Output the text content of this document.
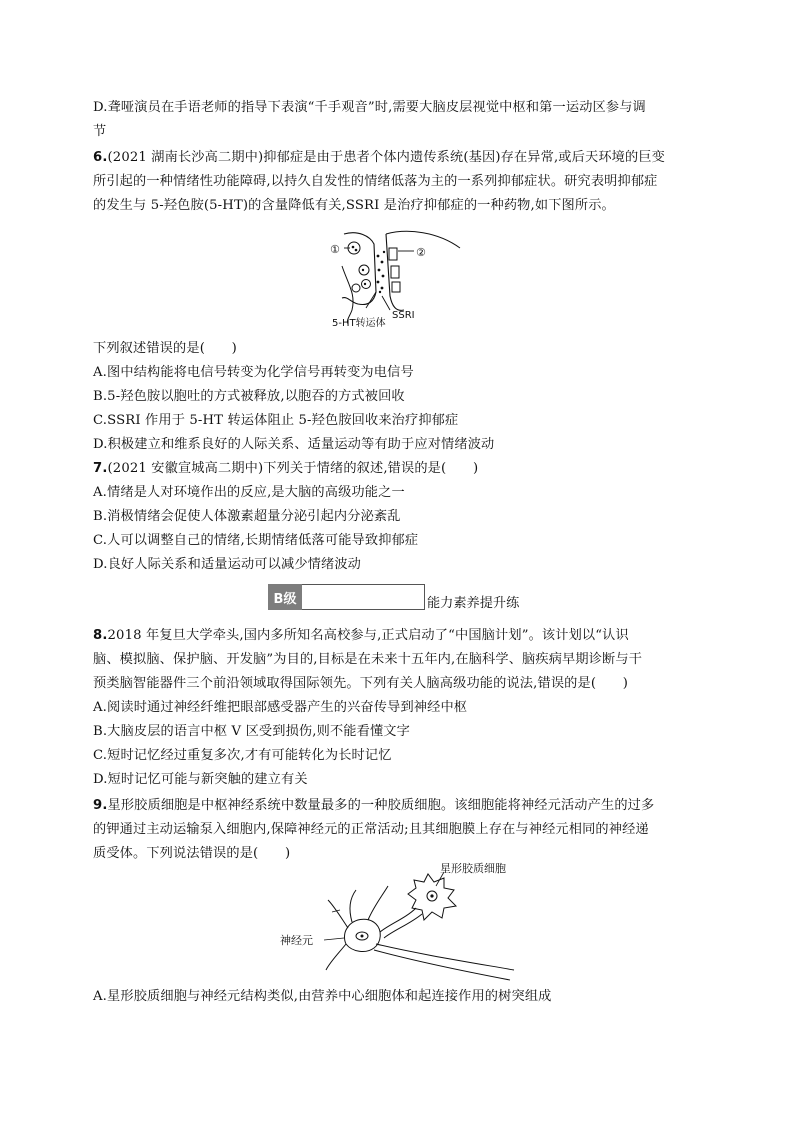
D.聋哑演员在手语老师的指导下表演“千手观音”时,需要大脑皮层视觉中枢和第一运动区参与调
节
6.(2021 湖南长沙高二期中)抑郁症是由于患者个体内遗传系统(基因)存在异常,或后天环境的巨变
所引起的一种情绪性功能障碍,以持久自发性的情绪低落为主的一系列抑郁症状。研究表明抑郁症
的发生与 5-羟色胺(5-HT)的含量降低有关,SSRI 是治疗抑郁症的一种药物,如下图所示。
①	②
SSRI
5-HT转运体
下列叙述错误的是(　　)
A.图中结构能将电信号转变为化学信号再转变为电信号
B.5-羟色胺以胞吐的方式被释放,以胞吞的方式被回收
C.SSRI 作用于 5-HT 转运体阻止 5-羟色胺回收来治疗抑郁症
D.积极建立和维系良好的人际关系、适量运动等有助于应对情绪波动
7.(2021 安徽宣城高二期中)下列关于情绪的叙述,错误的是(　　)
A.情绪是人对环境作出的反应,是大脑的高级功能之一
B.消极情绪会促使人体激素超量分泌引起内分泌紊乱
C.人可以调整自己的情绪,长期情绪低落可能导致抑郁症
D.良好人际关系和适量运动可以减少情绪波动
B级	能力素养提升练
8.2018 年复旦大学牵头,国内多所知名高校参与,正式启动了“中国脑计划”。该计划以“认识
脑、模拟脑、保护脑、开发脑”为目的,目标是在未来十五年内,在脑科学、脑疾病早期诊断与干
预类脑智能器件三个前沿领域取得国际领先。下列有关人脑高级功能的说法,错误的是(　　)
A.阅读时通过神经纤维把眼部感受器产生的兴奋传导到神经中枢
B.大脑皮层的语言中枢 V 区受到损伤,则不能看懂文字
C.短时记忆经过重复多次,才有可能转化为长时记忆
D.短时记忆可能与新突触的建立有关
9.星形胶质细胞是中枢神经系统中数量最多的一种胶质细胞。该细胞能将神经元活动产生的过多
的钾通过主动运输泵入细胞内,保障神经元的正常活动;且其细胞膜上存在与神经元相同的神经递
质受体。下列说法错误的是(　　)
星形胶质细胞
神经元
A.星形胶质细胞与神经元结构类似,由营养中心细胞体和起连接作用的树突组成
